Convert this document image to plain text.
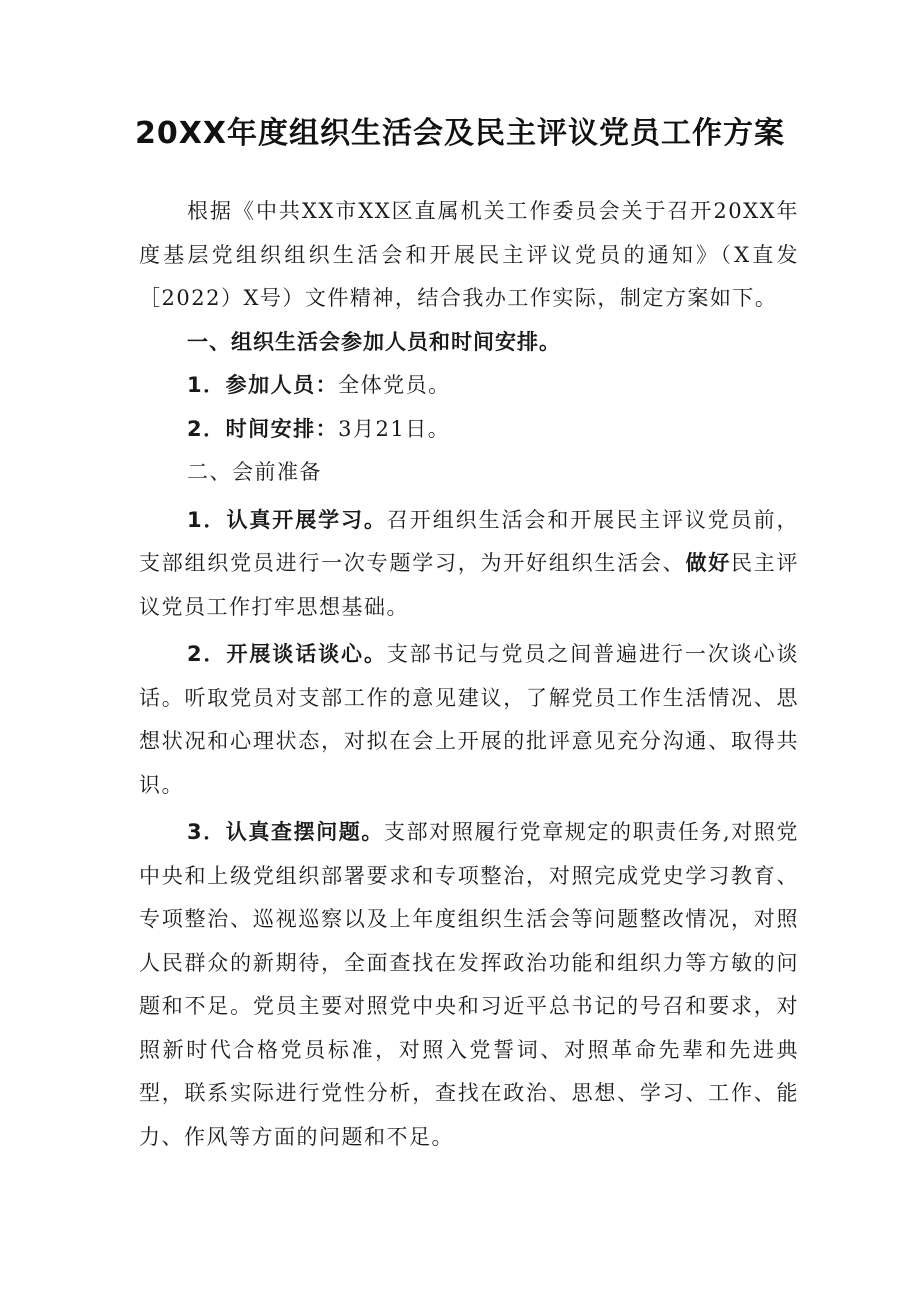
20XX年度组织生活会及民主评议党员工作方案

根据《中共XX市XX区直属机关工作委员会关于召开20XX年度基层党组织组织生活会和开展民主评议党员的通知》（X直发［2022）X号）文件精神，结合我办工作实际，制定方案如下。

一、组织生活会参加人员和时间安排。

1．参加人员：全体党员。

2．时间安排：3月21日。

二、会前准备

1．认真开展学习。召开组织生活会和开展民主评议党员前，支部组织党员进行一次专题学习，为开好组织生活会、做好民主评议党员工作打牢思想基础。

2．开展谈话谈心。支部书记与党员之间普遍进行一次谈心谈话。听取党员对支部工作的意见建议，了解党员工作生活情况、思想状况和心理状态，对拟在会上开展的批评意见充分沟通、取得共识。

3．认真查摆问题。支部对照履行党章规定的职责任务,对照党中央和上级党组织部署要求和专项整治，对照完成党史学习教育、专项整治、巡视巡察以及上年度组织生活会等问题整改情况，对照人民群众的新期待，全面查找在发挥政治功能和组织力等方敏的问题和不足。党员主要对照党中央和习近平总书记的号召和要求，对照新时代合格党员标准，对照入党誓词、对照革命先辈和先进典型，联系实际进行党性分析，查找在政治、思想、学习、工作、能力、作风等方面的问题和不足。
